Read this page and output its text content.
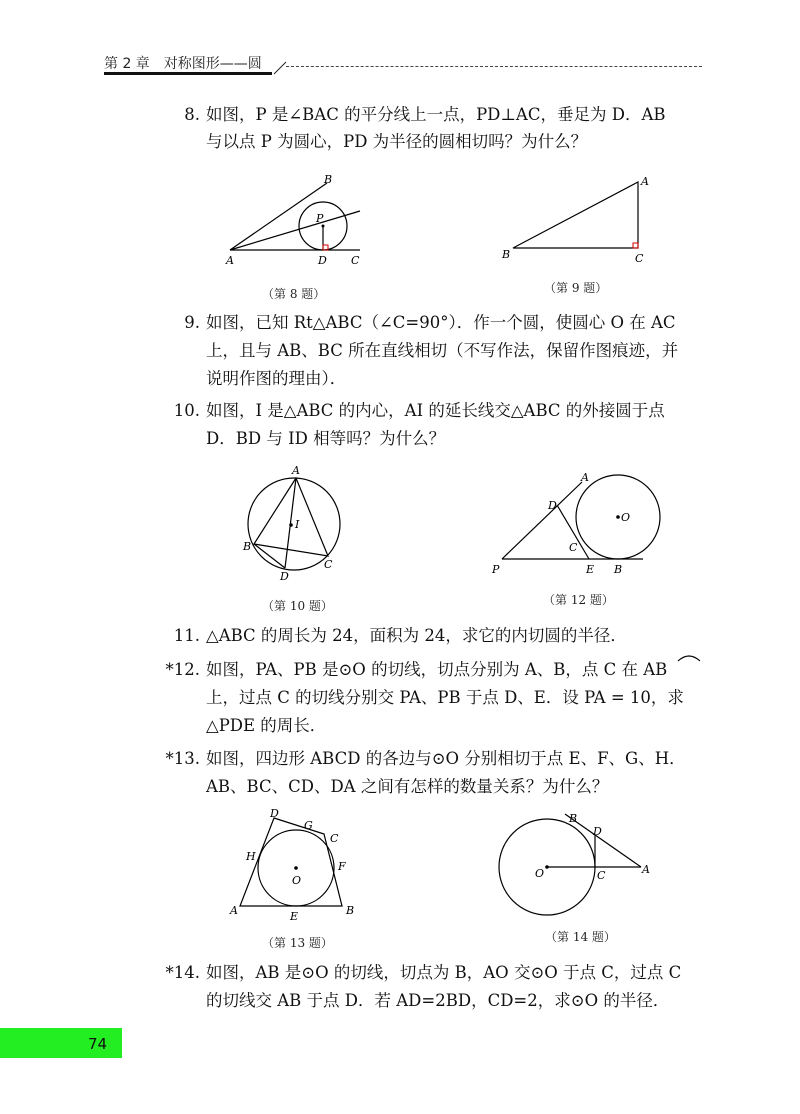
第 2 章　对称图形——圆
8. 如图，P 是∠BAC 的平分线上一点，PD⊥AC，垂足为 D．AB
与以点 P 为圆心，PD 为半径的圆相切吗？为什么？
B
P
A	D C
（第 8 题）
A
B	C
（第 9 题）
9. 如图，已知 Rt△ABC（∠C=90°）．作一个圆，使圆心 O 在 AC
上，且与 AB、BC 所在直线相切（不写作法，保留作图痕迹，并
说明作图的理由）．
10. 如图，I 是△ABC 的内心，AI 的延长线交△ABC 的外接圆于点
D．BD 与 ID 相等吗？为什么？
A
I
B
C
D
（第 10 题）
A
D
O
C
P	E B
（第 12 题）
11. △ABC 的周长为 24，面积为 24，求它的内切圆的半径．
*12. 如图，PA、PB 是⊙O 的切线，切点分别为 A、B，点 C 在 AB
上，过点 C 的切线分别交 PA、PB 于点 D、E．设 PA = 10，求
△PDE 的周长．
*13. 如图，四边形 ABCD 的各边与⊙O 分别相切于点 E、F、G、H．
AB、BC、CD、DA 之间有怎样的数量关系？为什么？
D
G
C
H
F
O
A	E	B
（第 13 题）
B
D
O	C	A
（第 14 题）
*14. 如图，AB 是⊙O 的切线，切点为 B，AO 交⊙O 于点 C，过点 C
的切线交 AB 于点 D．若 AD=2BD，CD=2，求⊙O 的半径．
74
